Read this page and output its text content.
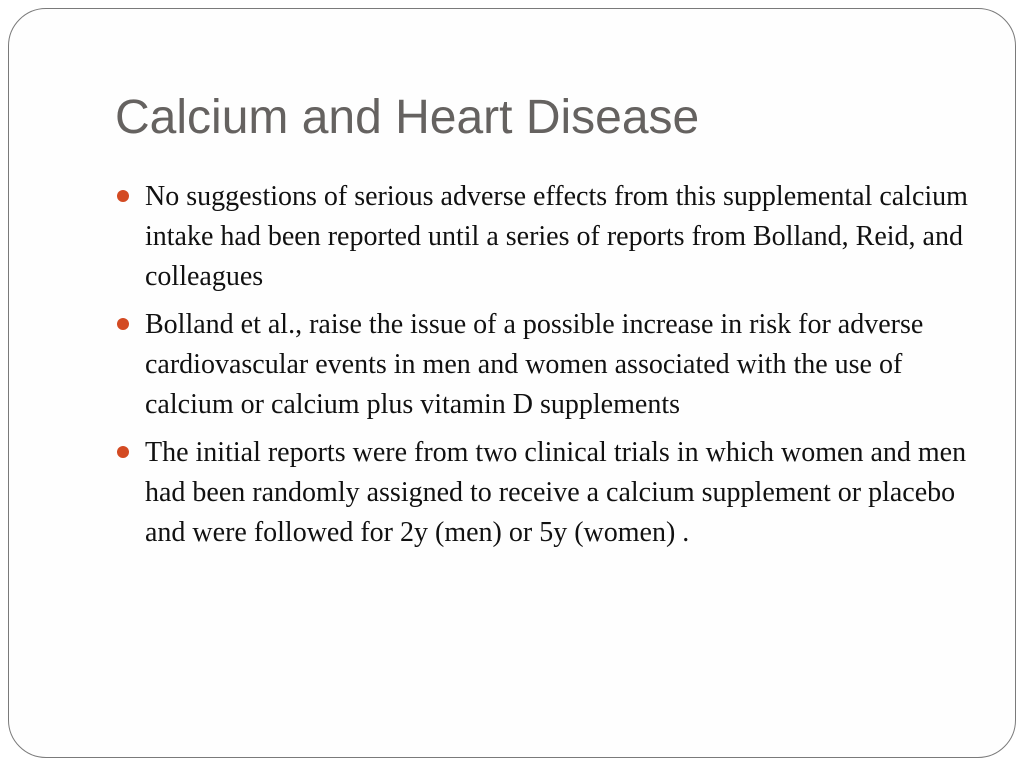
Calcium and Heart Disease
No suggestions of serious adverse effects from this supplemental calcium intake had been reported until a series of reports from Bolland, Reid, and colleagues
Bolland et al., raise the issue of a possible increase in risk for adverse cardiovascular events in men and women associated with the use of calcium or calcium plus vitamin D supplements
The initial reports were from two clinical trials in which women and men had been randomly assigned to receive a calcium supplement or placebo and were followed for 2y (men) or 5y (women) .
